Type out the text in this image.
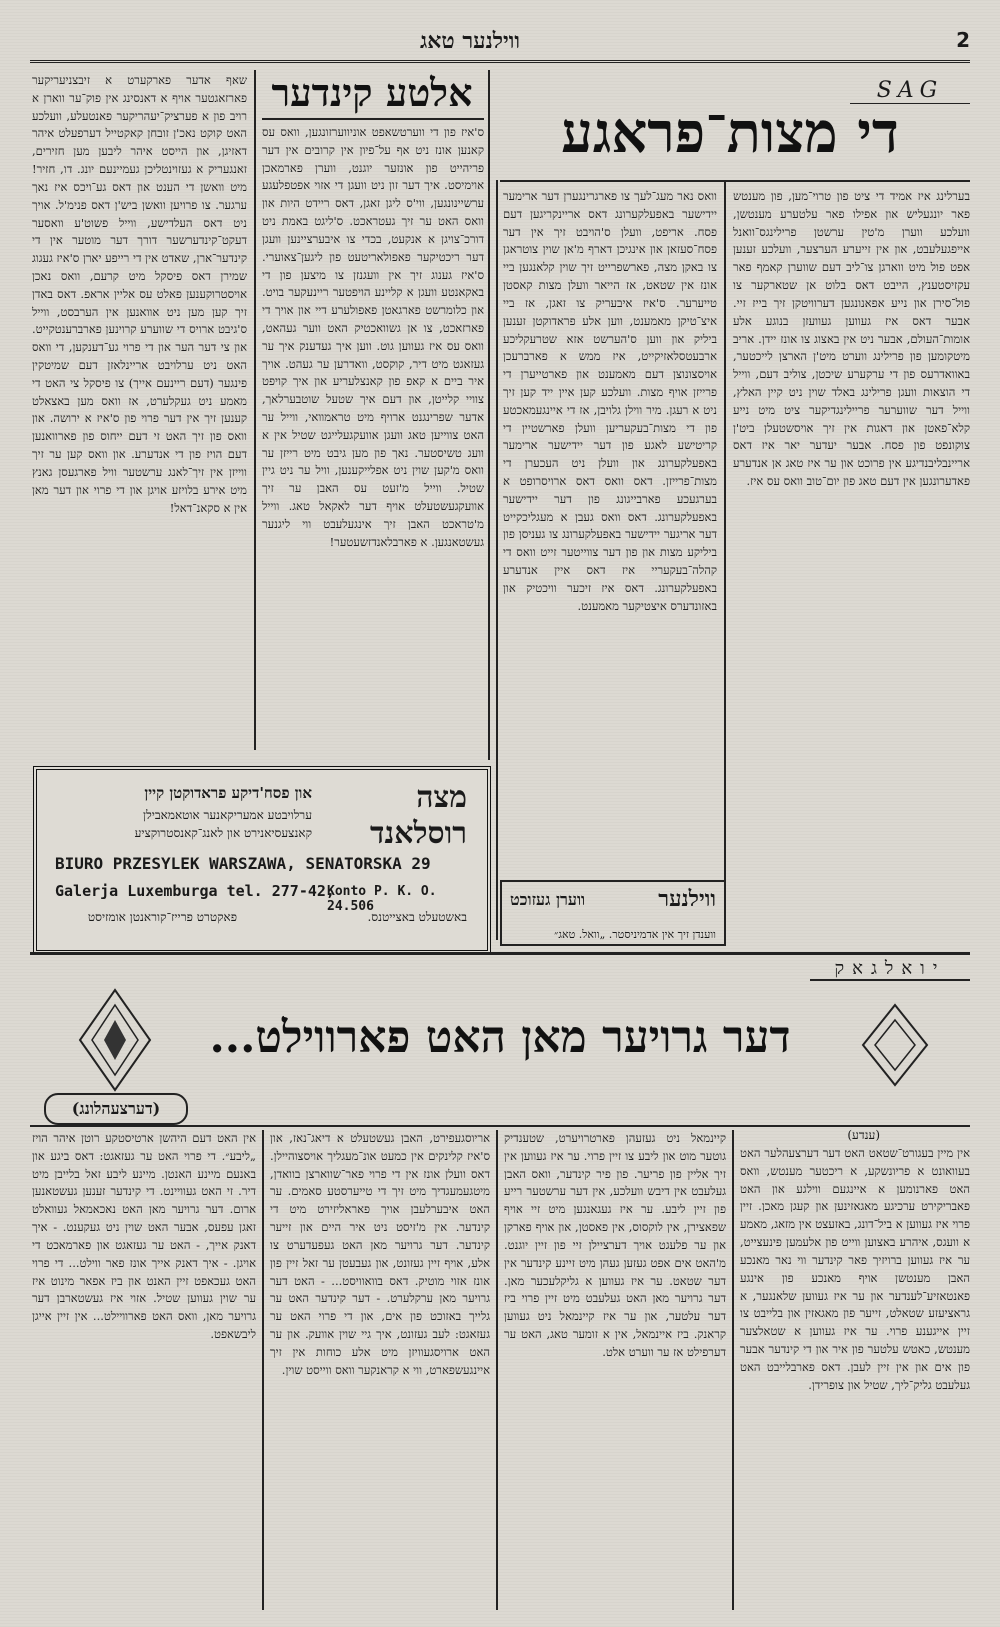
ווילנער טאג	2
SAG
די מצות־פראגע
בערלינג איז אמיד די ציט פון טרוי־מען, פון מענטש פאר יונגעליש און אפילו פאר עלטערע מענטשן, וועלכע ווערן מ'טין ערשטן פרילינגס־וואנל אייפגעלעבט, און אין זייערע הערצער, וועלכע זענען אפט פול מיט ווארגן צו־ליב דעם שווערן קאמף פאר עקזיסטענץ, הייבט דאס בלוט אן שטארקער צו פול־סירן און נייע אפאנונגען דערוויטקן זיך בייז זיי. אבער דאס איז געווען געוועזן בנוגע אלע אומות־העולם, אבער ניט אין באצוג צו אונז יידן. אריב מיטקומען פון פרילינג ווערט מיט'ן הארצן לייכטער, באוואדרעס פון די ערקערע שיכטן, צוליב דעם, ווייל די הוצאות וועגן פרילינג באלד שוין ניט קיין האלץ, ווייל דער שווערער פריילינגדיקער ציט מיט נייע קלא־פאטן און דאגות אין זיך אויסשטעלן ביט'ן צוקונפט פון פסח. אבער יעדער יאר איז דאס אריינבליבנדיגע אין פרוכט און ער איז טאג אן אנדערע פאדערונגען אין דעם טאג פון יום־טוב וואס עס איז.
וואס נאר מעג־לעך צו פארגרינגערן דער ארימער יידישער באפעלקערונג דאס אריינקריגען דעם פסח. אריפט, וועלן ס'הויבט זיך אין דער פסח־סעזאן און אינגיכן דארף מ'אן שוין צוטראגן צו באקן מצה, פארשפרייט זיך שוין קלאנגען ביי אונז אין שטאט, אז הייאר וועלן מצות קאסטן טייערער. ס'איז איבעריק צו זאגן, אז ביי איצ־טיקן מאמענט, ווען אלע פראדוקטן זענען ביליק און ווען ס'הערשט אזא שטרעקליכע ארבעטסלאזיקייט, איז ממש א פארברעכן אויסצונוצן דעם מאמענט און פארטייערן די פרייזן אויף מצות. וועלכע קען איין ייד קען זיך ניט א רעגן. מיר ווילן גלויבן, אז די איינגעמאכטע פון די מצות־בעקעריען וועלן פארשטיין די קריטישע לאגע פון דער יידישער ארימער באפעלקערונג און וועלן ניט העכערן די מצות־פרייזן. דאס וואס דאס ארויסרופט א בערגעכע פארבייגונג פון דער יידישער באפעלקערונג. דאס וואס געבן א מעגליכקייט דער אריגער יידישער באפעלקערונג צו געניסן פון ביליקע מצות און פון דער צווייטער זייט וואס די קהלה־בעקעריי איז דאס איין אנדערע באפעלקערונג. דאס איז זיכער וויכטיק און באזונדערס איצטיקער מאמענט.
ווילנער
ווערן געזוכט
ווענדן זיך אין אדמיניסטר. „וואל. טאג״
אלטע קינדער
ס'איז פון די ווערטשאפט אוניווערזונגען, וואס עס קאנען אונז ניט אף על־פיון אין קרובים אין דער פריהייט פון אונזער יוגנט, ווערן פארמאכן אוימיסט. איך דער זון ניט וועגן די אזוי אפטפלעגע ערשיינונגען, ווי'ס ליגן זאגן, דאס ריידט היות און וואס האט ער זיך געטראכט. ס'ליגט באמת ניט דורכ־צויגן א אנקעט, בכדי צו איבערציינען וועגן דער ריכטיקער פאפולאריטעט פון ליגען־צאוערי. ס'איז גענוג זיך אין וועגנזן צו מיצען פון די באקאנטע וועגן א קליינע הויפטער ריינעקער בויט. און כלומרשט פארגאטן פאפולערע דיי און אויך די פארזאכט, צו אן גשוואכטיק האט ווער געהאט, וואס עס איז געווען גוט. ווען איך געדענק איך ער געזאגט מיט דיר, קוקסט, וואדרען ער געהט. אויך איר ביים א קאפ פון קאנצלעריע און איך קויפט צוויי קלייטן, און דעם איך שטעל שוטבערלאך, אדער שפרינגנט ארויף מיט טראמוואי, ווייל ער האט צווייען טאג וועגן אוועקגעלייגט שטיל אין א וועג טשיסטער. נאך פון מען גיבט מיט רייזן ער וואס מ'קען שוין ניט אפלייקענען, וויל ער ניט גיין שטיל. ווייל מ'זעט עס האבן ער זיך אוועקגעשטעלט אויף דער לאקאל טאג. ווייל מ'טראכט האבן זיך אינגעלעבט ווי ליגנער געשטאנגען. א פארבלאנדזשעטער!
שאף אדער פארקערט א זיבצניעריקער פארזאגטער אויף א דאנסינג אין פוק־ער ווארן א רויב פון א פערציק־יעהריקער פאנטעלע, וועלכע האט קוקט נאכ'ן זובחן קאקטייל דערפעלט איהר דאזיגן, און הייסט איהר ליבען מען חזירים, זאנגעריק א געזוינטליכן געמיינעם יונג. דו, חזיר! מיט וואשן די הענט און דאס גע־ויכס איז נאך ערגער. צו פרויען וואשן ביש'ן דאס פנימ'ל. אויך ניט דאס העלדישע, ווייל פשוט'ע וואסער דעקט־קינדערשער דורך דער מוטער אין די קינדער־ארן, שאדט אין די רייפע יארן ס'איז געגוג שמירן דאס פיסקל מיט קרעם, וואס נאכן אויסטרוקענען פאלט עס אליין אראפ. דאס באדן זיך קען מען ניט אוואנען אין הערבסט, ווייל ס'גיבט ארויס די שווערע קרוינען פארברענטקייט. און צי דער הער און די פרוי גע־דענקען, די וואס האט ניט ערלויבט אריינלאזן דעם שמיטקין פינגער (דעם ריינעם אייך) צו פיסקל צי האט די מאמע ניט געקלערט, אז וואס מען באצאלט קענען זיך אין דער פרוי פון ס'איז א ירושה. און וואס פון זיך האט זי דעם ייחוס פון פארוואנען דעם הויז פון די אנדערע. און וואס קען ער זיך ווייזן אין זיך־לאנג ערשטער וויל פארגעסן גאנץ מיט אירע בלויזע אויגן און די פרוי און דער מאן אין א סקאנ־דאל!
מצה
רוסלאנד
און פסח'דיקע פראדוקטן קיין
ערלויבטע אמעריקאנער אוטאמאבילן
קאנצעסיאנירט און לאנג־קאנסטרוקציע
BIURO PRZESYLEK WARSZAWA, SENATORSKA 29
Galerja Luxemburga tel. 277-42,
Konto P. K. O. 24.506
פאקטרט פרייז־קוראנטן אומזיסט	באשטעלט באצייטנס.
יואלגאק
דער גרויער מאן האט פארווילט...
(דערצעהלונג)
(ענדע)
אין מיין בעגורט־שטאט האט דער דערצעהלער האט בעוואונט א פריונשקע, א ריכטער מענטש, וואס האט פארנומען א איינגעם ווילגע און האט פאבריקירט ערכיגע מאגאזינען און קעגן מאכן. זיין פרוי איז געווען א ביל־דונג, באזעצט אין מזאג, מאמע א וועגס, איהרע באצוען ווייט פון אלעמען פינעצייט, ער איז געווען ברויזיך פאר קינדער ווי נאר מאנכע האבן מענטשן אויף מאנכע פון אינגע פאנטאזיע־לענדער און ער איז געווען שלאנגער, א גראציעזע שטאלט, זייער פון מאגאזין און בלייבט צו זיין אייגענע פרוי. ער איז געווען א שטאלצער מענטש, כאטש עלטער פון איר און די קינדער אבער פון אים און אין זיין לעבן. דאס פארבלייבט האט געלעבט גליק־ליך, שטיל און צופרידן.
קיינמאל ניט געזעהן פארטרויערט, שטענדיק גוטער מוט און ליבע צו זיין פרוי. ער איז געווען אין זיך אליין פון פריער. פון פיר קינדער, וואס האבן געלעבט אין דיבש וועלכע, אין דער ערשטער רייע פון זיין ליבע. ער איז געגאנגען מיט זיי אויף שפאצירן, אין לוקסוס, אין פאסטן, און אויף פארקן און ער פלעגט אויך דערציילן זיי פון זיין יוגנט. מ'האט אים אפט געזען געהן מיט זיינע קינדער אין דער שטאט. ער איז געווען א גליקלעכער מאן. דער גרויער מאן האט געלעבט מיט זיין פרוי ביז דער עלטער, און ער איז קיינמאל ניט געווען קראנק. ביז איינמאל, אין א זומער טאג, האט ער דערפילט אז ער ווערט אלט.
אריוסגעפירט, האבן געשטעלט א דיאג־נאז, און ס'איז קלינקים אין כמעט אונ־מעגליך אויסצוהיילן. דאס וועלן אונז אין די פרוי פאר־שווארצן בוואדן, מיטגעמעגדיך מיט זיך די טייערסטע סאמים. ער האט איבערלעבן אויך פאראליזירט מיט די קינדער. אין מ'זיסט ניט איר היים און זייער קינדער. דער גרויער מאן האט געפעדערט צו אלע, אויף זיין געזונט, און געבעטן ער זאל זיין פון אונז אזוי מוטיק. דאס בוואוויסט... - האט דער גרויער מאן ערקלערט. - דער קינדער האט ער גלייך באזוכט פון אים, און די פרוי האט ער געזאגט: לעב געזונט, איך גיי שוין אוועק. און ער האט ארויסגעוויזן מיט אלע כוחות אין זיך איינגעשפארט, ווי א קראנקער וואס ווייסט שוין.
אין האט דעם היהשן ארטיסטקע רוטן איהר הויז „ליבע״. די פרוי האט ער געזאגט: דאס ביגע און באנעם מיינע האנטן. מיינע ליבע זאל בלייבן מיט דיר. זי האט געוויינט. די קינדער זענען געשטאנען ארום. דער גרויער מאן האט נאכאמאל געוואלט זאגן עפעס, אבער האט שוין ניט געקענט. - איך דאנק אייך, - האט ער געזאגט און פארמאכט די אויגן. - איך דאנק אייך אונז פאר ווילט... די פרוי האט געכאפט זיין האנט און ביז אפאר מינוט איז ער שוין געווען שטיל. אזוי איז געשטארבן דער גרויער מאן, וואס האט פארוויילט... אין זיין אייגן ליבשאפט.
